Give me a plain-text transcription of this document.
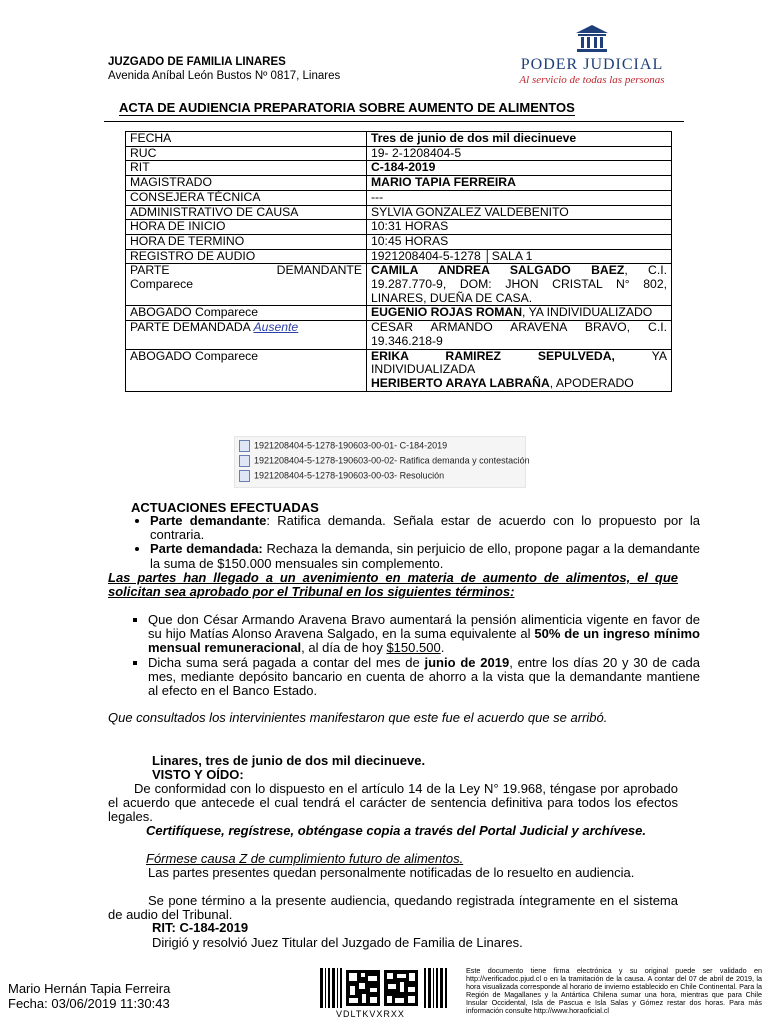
JUZGADO DE FAMILIA LINARES
Avenida Aníbal León Bustos Nº 0817, Linares
PODER JUDICIAL
Al servicio de todas las personas
ACTA DE AUDIENCIA PREPARATORIA SOBRE AUMENTO DE ALIMENTOS
FECHA	Tres de junio de dos mil diecinueve
RUC	19- 2-1208404-5
RIT	C-184-2019
MAGISTRADO	MARIO TAPIA FERREIRA
CONSEJERA TÉCNICA	---
ADMINISTRATIVO DE CAUSA	SYLVIA GONZALEZ VALDEBENITO
HORA DE INICIO	10:31 HORAS
HORA DE TERMINO	10:45 HORAS
REGISTRO DE AUDIO	1921208404-5-1278 │SALA 1

PARTE DEMANDANTE
Comparece	CAMILA ANDREA SALGADO BAEZ, C.I. 19.287.770-9, DOM: JHON CRISTAL N° 802, LINARES, DUEÑA DE CASA.
ABOGADO Comparece	EUGENIO ROJAS ROMAN, YA INDIVIDUALIZADO
PARTE DEMANDADA Ausente	CESAR ARMANDO ARAVENA BRAVO, C.I. 19.346.218-9
ABOGADO Comparece	ERIKA RAMIREZ SEPULVEDA, YA INDIVIDUALIZADA
HERIBERTO ARAYA LABRAÑA, APODERADO
1921208404-5-1278-190603-00-01- C-184-2019
1921208404-5-1278-190603-00-02- Ratifica demanda y contestación
1921208404-5-1278-190603-00-03- Resolución
ACTUACIONES EFECTUADAS
• Parte demandante: Ratifica demanda. Señala estar de acuerdo con lo propuesto por la contraria.
• Parte demandada: Rechaza la demanda, sin perjuicio de ello, propone pagar a la demandante la suma de $150.000 mensuales sin complemento.
Las partes han llegado a un avenimiento en materia de aumento de alimentos, el que solicitan sea aprobado por el Tribunal en los siguientes términos:
▪ Que don César Armando Aravena Bravo aumentará la pensión alimenticia vigente en favor de su hijo Matías Alonso Aravena Salgado, en la suma equivalente al 50% de un ingreso mínimo mensual remuneracional, al día de hoy $150.500.
▪ Dicha suma será pagada a contar del mes de junio de 2019, entre los días 20 y 30 de cada mes, mediante depósito bancario en cuenta de ahorro a la vista que la demandante mantiene al efecto en el Banco Estado.
Que consultados los intervinientes manifestaron que este fue el acuerdo que se arribó.
Linares, tres de junio de dos mil diecinueve.
VISTO Y OÍDO:
De conformidad con lo dispuesto en el artículo 14 de la Ley N° 19.968, téngase por aprobado el acuerdo que antecede el cual tendrá el carácter de sentencia definitiva para todos los efectos legales.
Certifíquese, regístrese, obténgase copia a través del Portal Judicial y archívese.
Fórmese causa Z de cumplimiento futuro de alimentos.
Las partes presentes quedan personalmente notificadas de lo resuelto en audiencia.
Se pone término a la presente audiencia, quedando registrada íntegramente en el sistema de audio del Tribunal.
RIT: C-184-2019
Dirigió y resolvió Juez Titular del Juzgado de Familia de Linares.
Mario Hernán Tapia Ferreira
Fecha: 03/06/2019 11:30:43
VDLTKVXRXX
Este documento tiene firma electrónica y su original puede ser validado en http://verificadoc.pjud.cl o en la tramitación de la causa. A contar del 07 de abril de 2019, la hora visualizada corresponde al horario de invierno establecido en Chile Continental. Para la Región de Magallanes y la Antártica Chilena sumar una hora, mientras que para Chile Insular Occidental, Isla de Pascua e Isla Salas y Gómez restar dos horas. Para más información consulte http://www.horaoficial.cl
